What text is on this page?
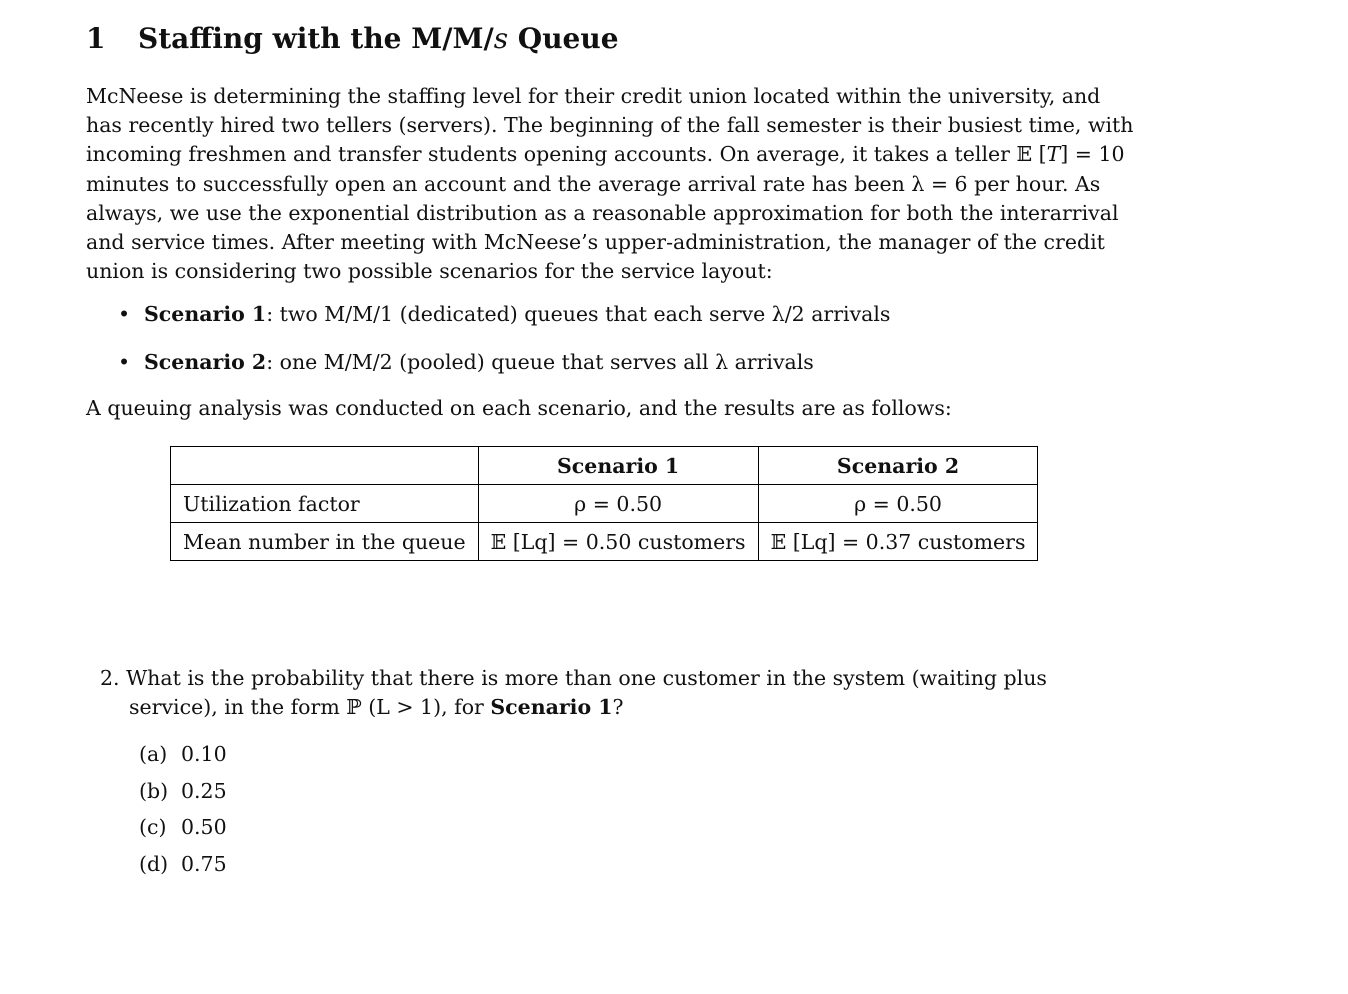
1 Staffing with the M/M/s Queue
McNeese is determining the staffing level for their credit union located within the university, and
has recently hired two tellers (servers). The beginning of the fall semester is their busiest time, with
incoming freshmen and transfer students opening accounts. On average, it takes a teller 𝔼 [T] = 10
minutes to successfully open an account and the average arrival rate has been λ = 6 per hour. As
always, we use the exponential distribution as a reasonable approximation for both the interarrival
and service times. After meeting with McNeese’s upper-administration, the manager of the credit
union is considering two possible scenarios for the service layout:
• Scenario 1: two M/M/1 (dedicated) queues that each serve λ/2 arrivals
• Scenario 2: one M/M/2 (pooled) queue that serves all λ arrivals
A queuing analysis was conducted on each scenario, and the results are as follows:
	Scenario 1	Scenario 2
Utilization factor	ρ = 0.50	ρ = 0.50
Mean number in the queue	𝔼 [Lq] = 0.50 customers	𝔼 [Lq] = 0.37 customers
2. What is the probability that there is more than one customer in the system (waiting plus
service), in the form ℙ (L > 1), for Scenario 1?
(a) 0.10
(b) 0.25
(c) 0.50
(d) 0.75
